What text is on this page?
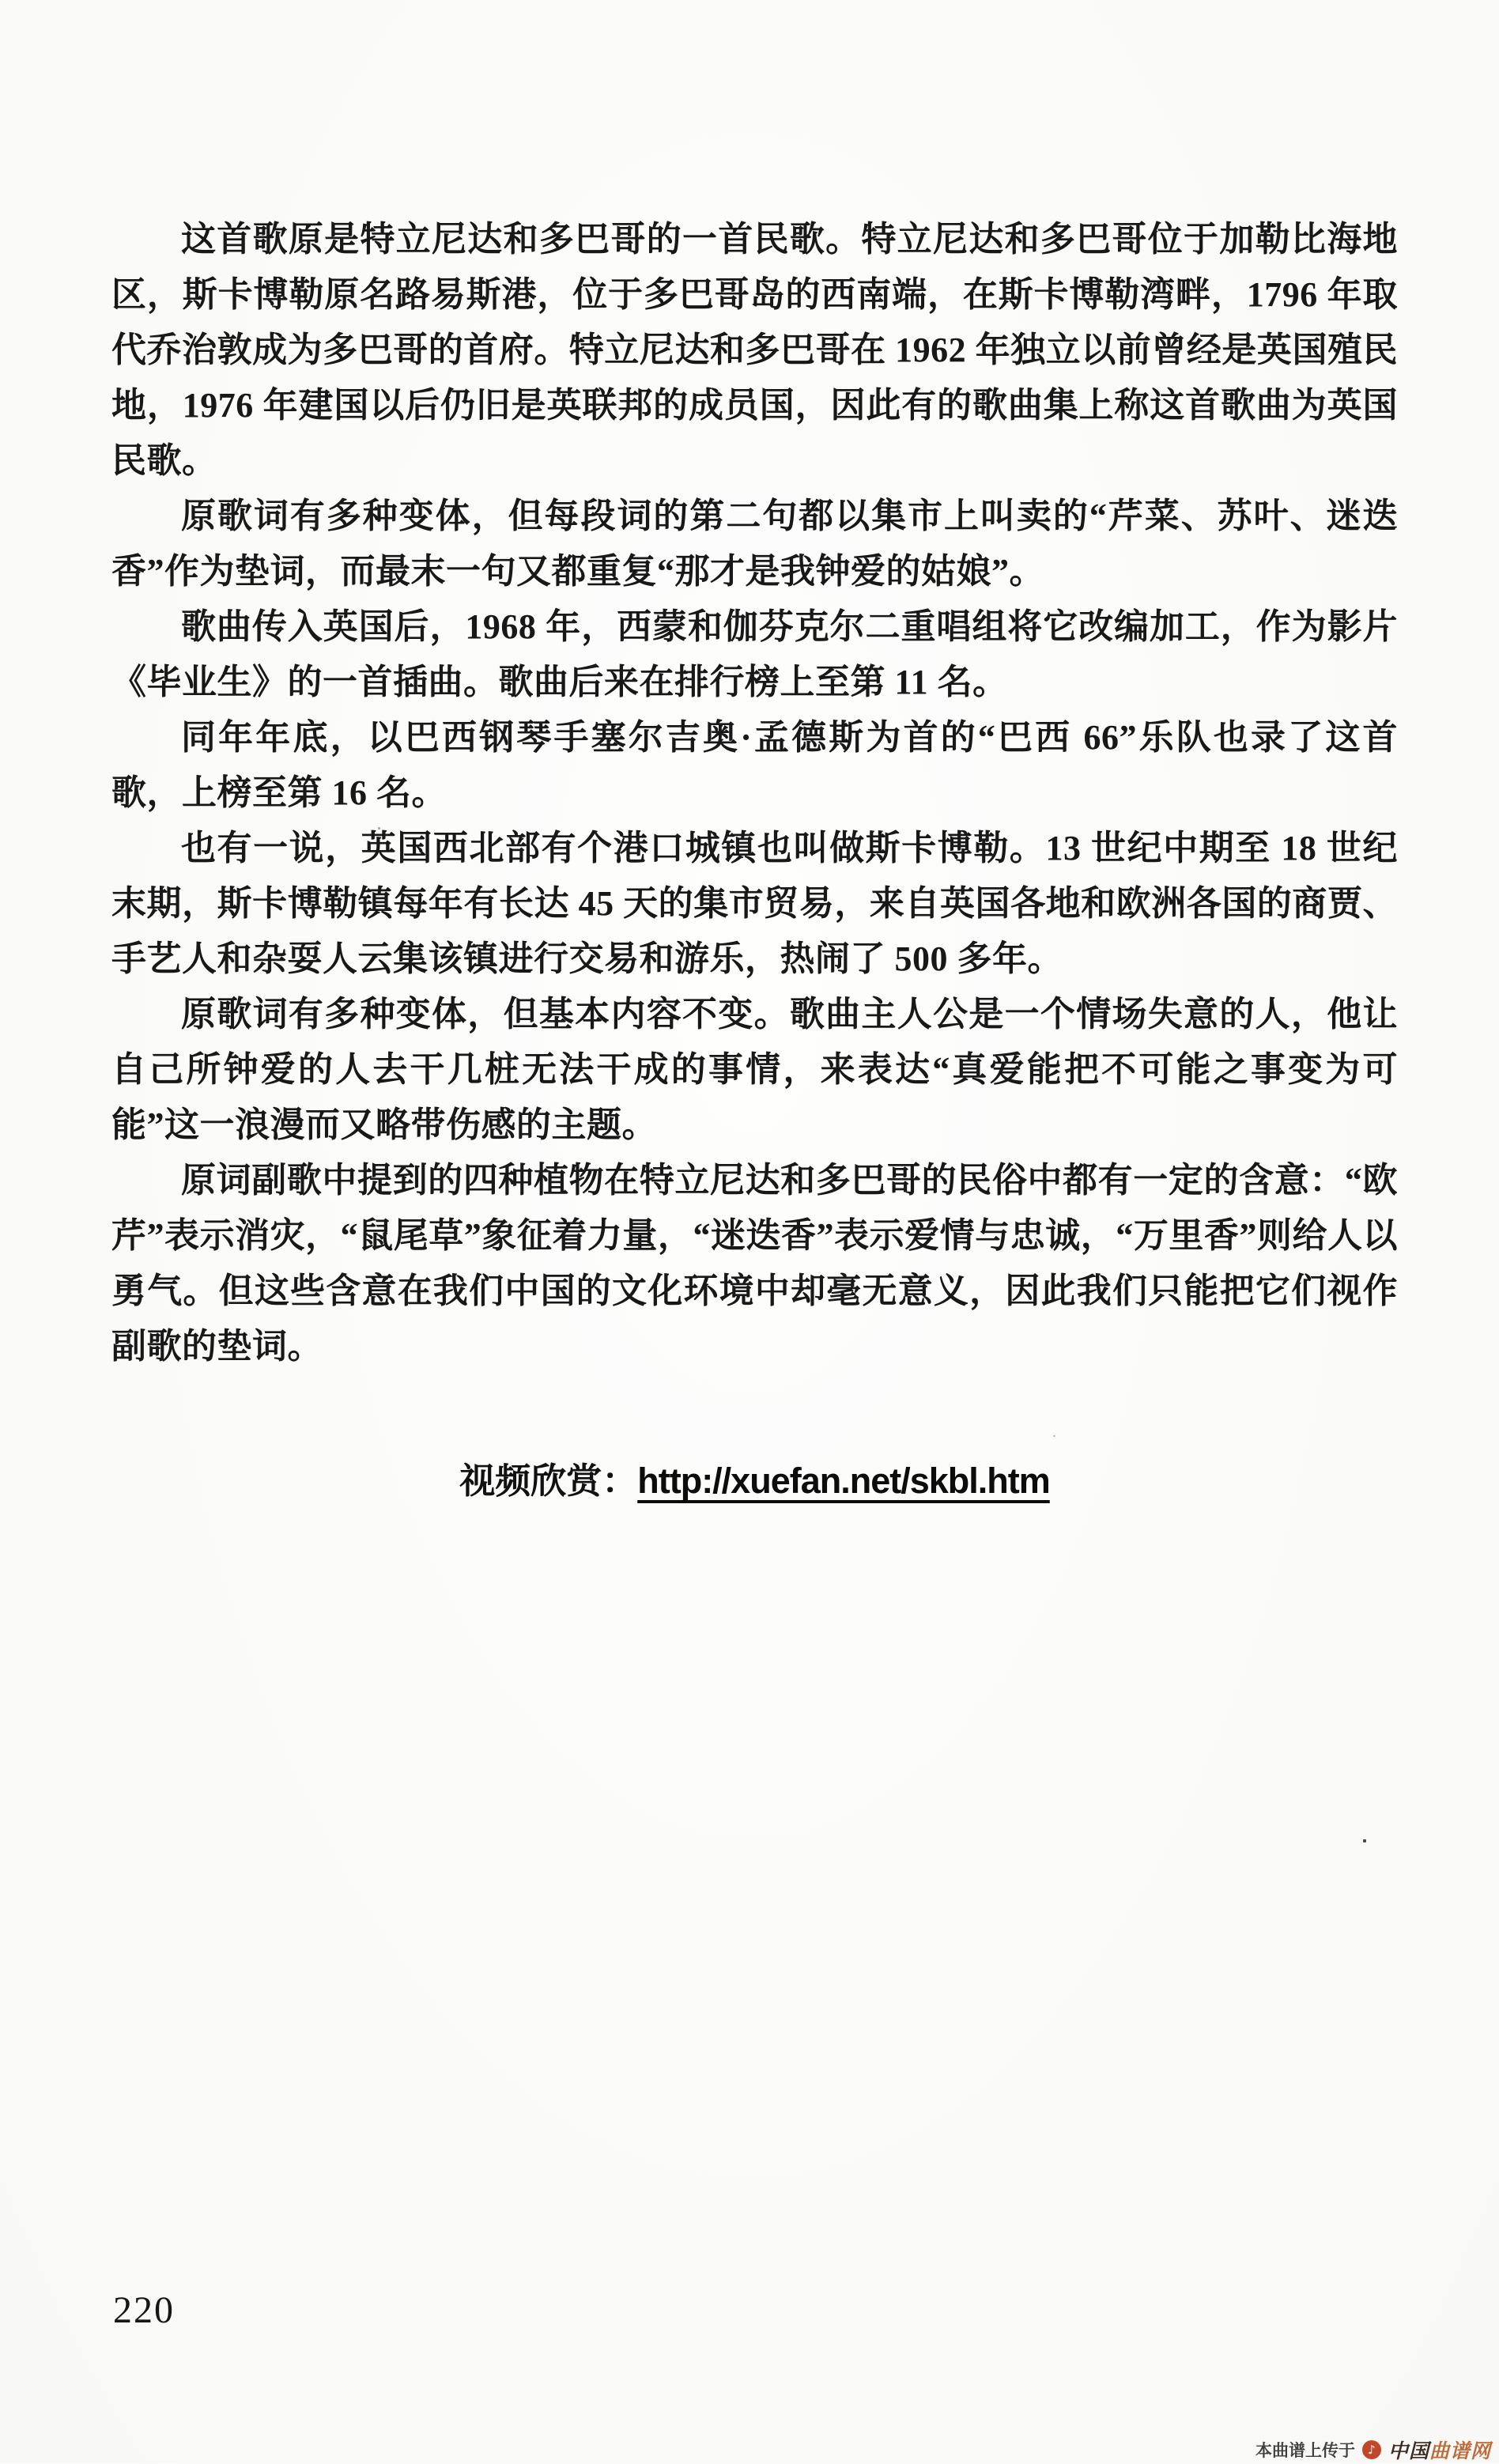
这首歌原是特立尼达和多巴哥的一首民歌。特立尼达和多巴哥位于加勒比海地区，斯卡博勒原名路易斯港，位于多巴哥岛的西南端，在斯卡博勒湾畔，1796 年取代乔治敦成为多巴哥的首府。特立尼达和多巴哥在 1962 年独立以前曾经是英国殖民地，1976 年建国以后仍旧是英联邦的成员国，因此有的歌曲集上称这首歌曲为英国民歌。

原歌词有多种变体，但每段词的第二句都以集市上叫卖的“芹菜、苏叶、迷迭香”作为垫词，而最末一句又都重复“那才是我钟爱的姑娘”。

歌曲传入英国后，1968 年，西蒙和伽芬克尔二重唱组将它改编加工，作为影片《毕业生》的一首插曲。歌曲后来在排行榜上至第 11 名。

同年年底，以巴西钢琴手塞尔吉奥·孟德斯为首的“巴西 66”乐队也录了这首歌，上榜至第 16 名。

也有一说，英国西北部有个港口城镇也叫做斯卡博勒。13 世纪中期至 18 世纪末期，斯卡博勒镇每年有长达 45 天的集市贸易，来自英国各地和欧洲各国的商贾、手艺人和杂耍人云集该镇进行交易和游乐，热闹了 500 多年。

原歌词有多种变体，但基本内容不变。歌曲主人公是一个情场失意的人，他让自己所钟爱的人去干几桩无法干成的事情，来表达“真爱能把不可能之事变为可能”这一浪漫而又略带伤感的主题。

原词副歌中提到的四种植物在特立尼达和多巴哥的民俗中都有一定的含意：“欧芹”表示消灾，“鼠尾草”象征着力量，“迷迭香”表示爱情与忠诚，“万里香”则给人以勇气。但这些含意在我们中国的文化环境中却毫无意义，因此我们只能把它们视作副歌的垫词。

视频欣赏：http://xuefan.net/skbl.htm
220
本曲谱上传于	♪ 中国曲谱网
